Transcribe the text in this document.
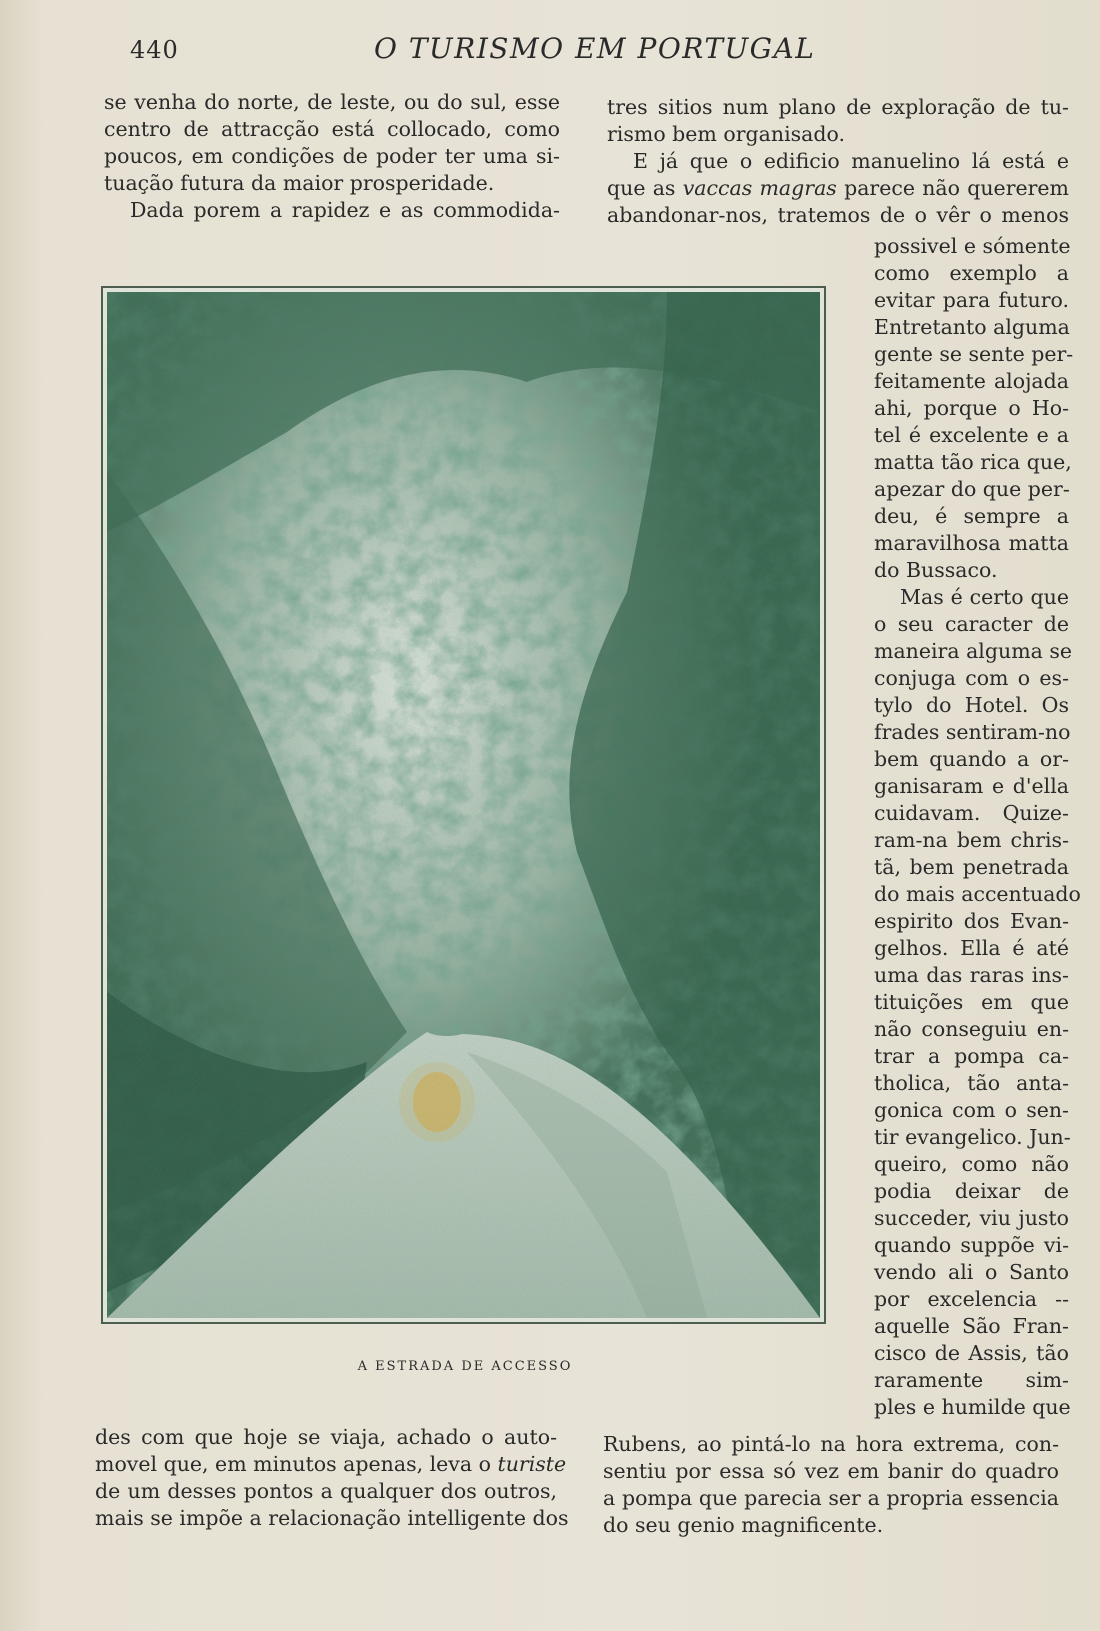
440	O TURISMO EM PORTUGAL
se venha do norte, de leste, ou do sul, esse
centro de attracção está collocado, como
poucos, em condições de poder ter uma si-
tuação futura da maior prosperidade.
Dada porem a rapidez e as commodida-
tres sitios num plano de exploração de tu-
rismo bem organisado.
E já que o edificio manuelino lá está e
que as vaccas magras parece não quererem
abandonar-nos, tratemos de o vêr o menos
possivel e sómente
como exemplo a
evitar para futuro.
Entretanto alguma
gente se sente per-
feitamente alojada
ahi, porque o Ho-
tel é excelente e a
matta tão rica que,
apezar do que per-
deu, é sempre a
maravilhosa matta
do Bussaco.
Mas é certo que
o seu caracter de
maneira alguma se
conjuga com o es-
tylo do Hotel. Os
frades sentiram-no
bem quando a or-
ganisaram e d'ella
cuidavam. Quize-
ram-na bem chris-
tã, bem penetrada
do mais accentuado
espirito dos Evan-
gelhos. Ella é até
uma das raras ins-
tituições em que
não conseguiu en-
trar a pompa ca-
tholica, tão anta-
gonica com o sen-
tir evangelico. Jun-
queiro, como não
podia deixar de
succeder, viu justo
quando suppõe vi-
vendo ali o Santo
por excelencia --
aquelle São Fran-
cisco de Assis, tão
raramente sim-
ples e humilde que
A ESTRADA DE ACCESSO
des com que hoje se viaja, achado o auto-
movel que, em minutos apenas, leva o turiste
de um desses pontos a qualquer dos outros,
mais se impõe a relacionação intelligente dos
Rubens, ao pintá-lo na hora extrema, con-
sentiu por essa só vez em banir do quadro
a pompa que parecia ser a propria essencia
do seu genio magnificente.
